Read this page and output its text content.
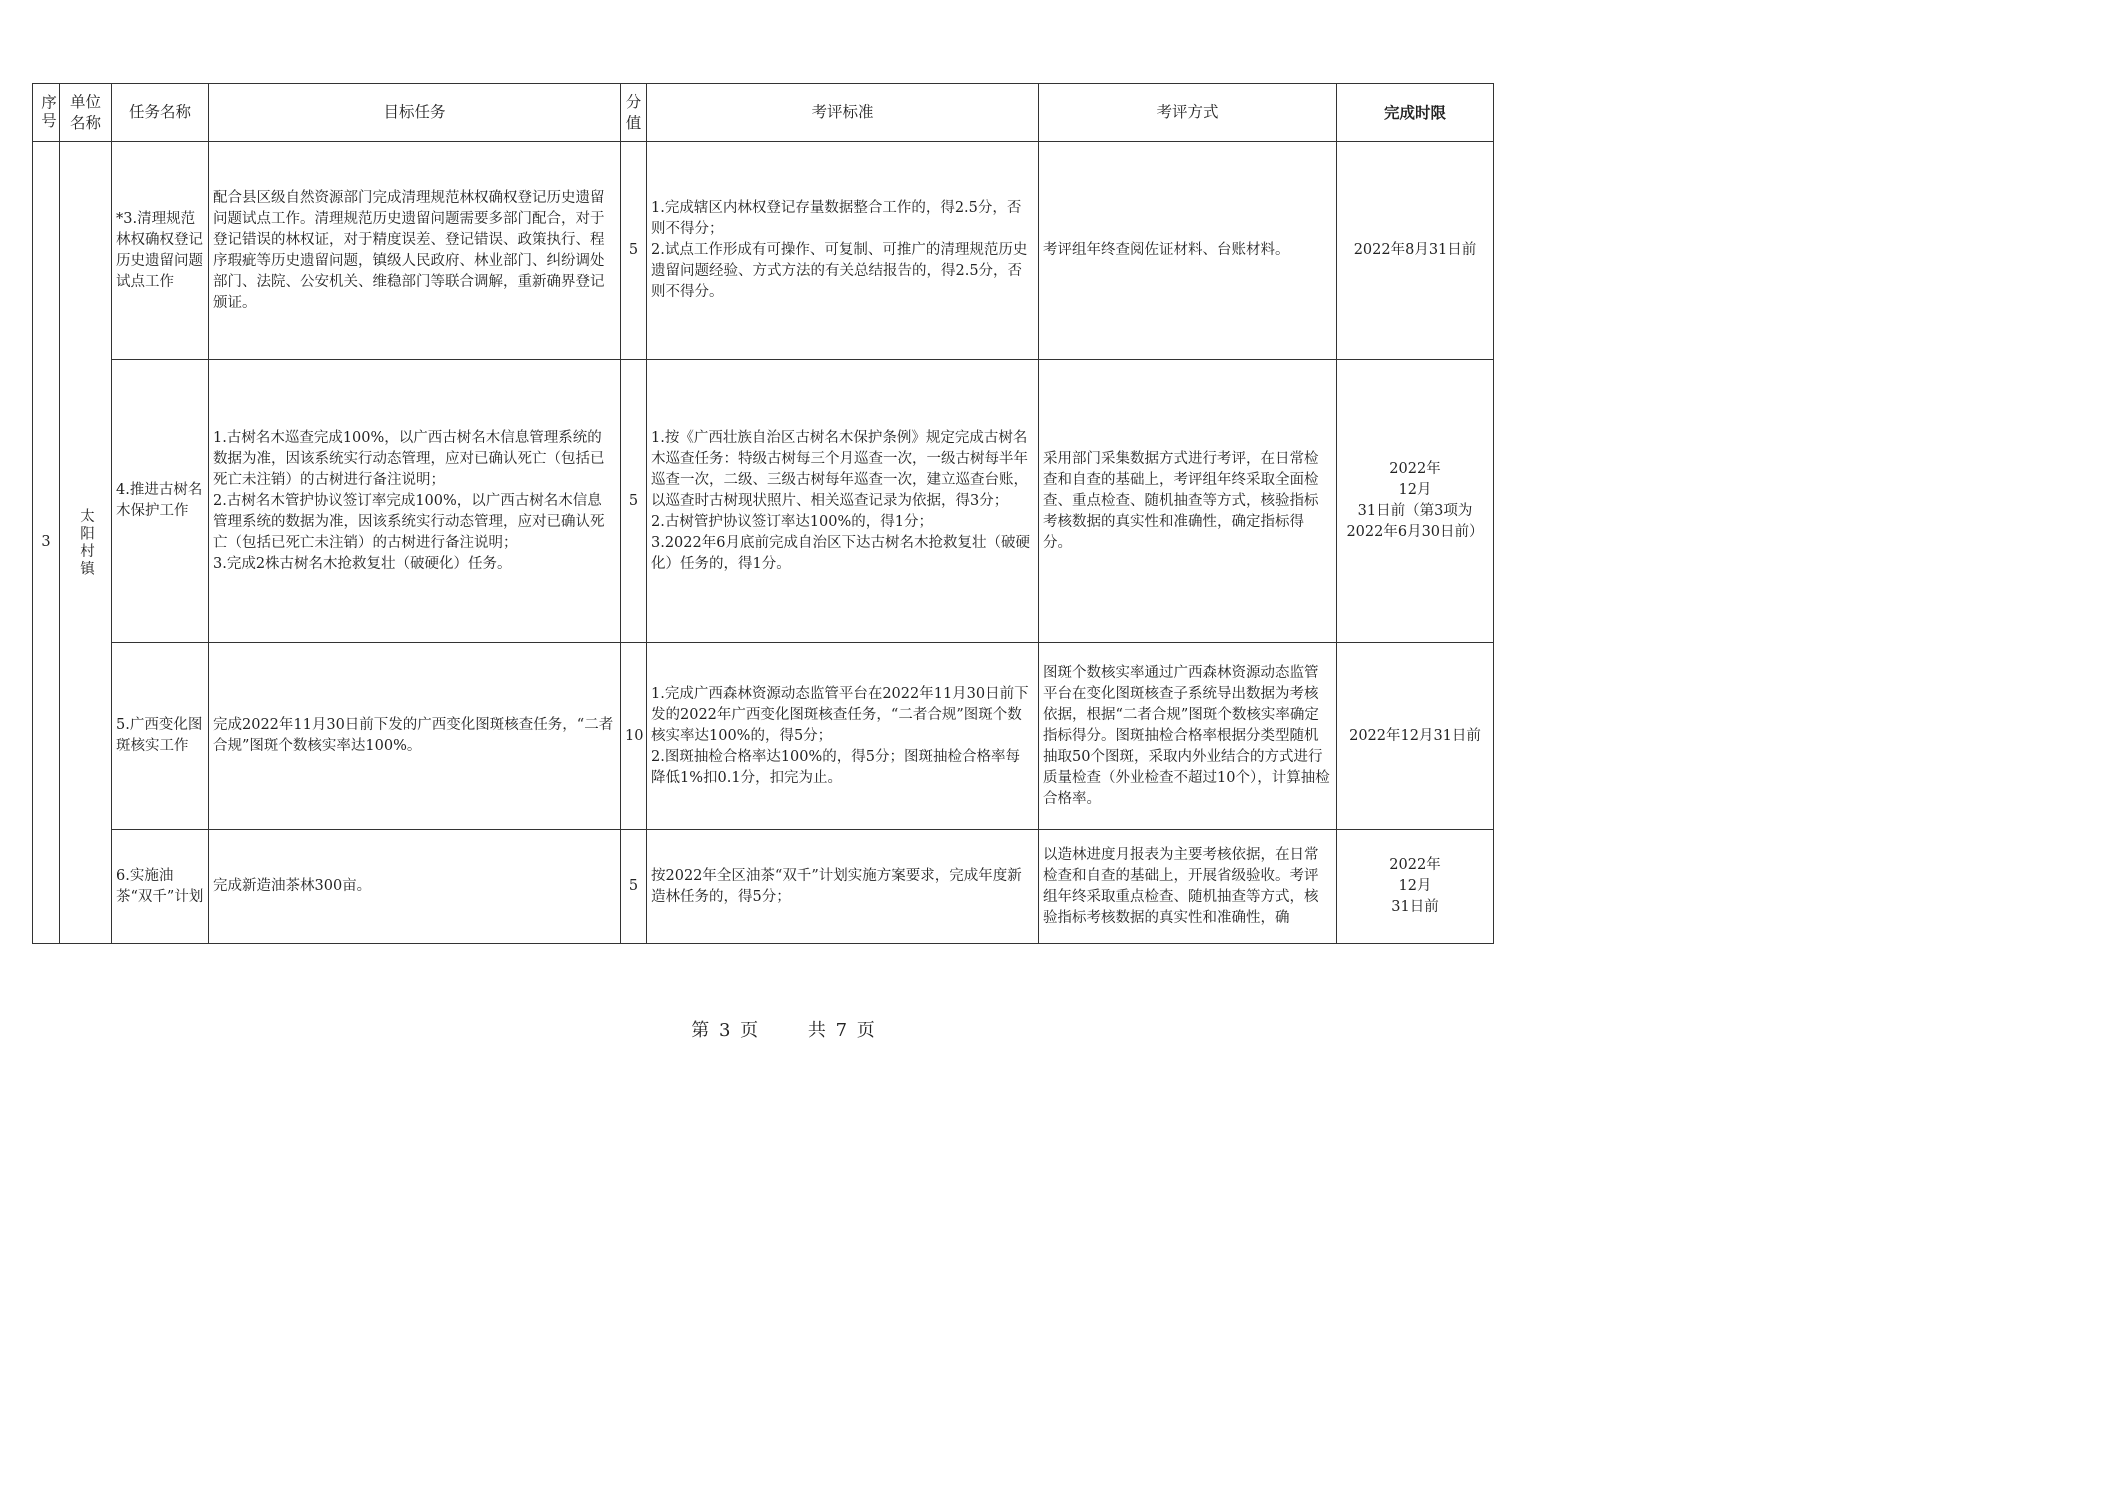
序号	单位名称	任务名称	目标任务	分值	考评标准	考评方式	完成时限
3	太阳村镇	*3.清理规范林权确权登记历史遗留问题试点工作	配合县区级自然资源部门完成清理规范林权确权登记历史遗留问题试点工作。清理规范历史遗留问题需要多部门配合，对于登记错误的林权证，对于精度误差、登记错误、政策执行、程序瑕疵等历史遗留问题，镇级人民政府、林业部门、纠纷调处部门、法院、公安机关、维稳部门等联合调解，重新确界登记颁证。	5	1.完成辖区内林权登记存量数据整合工作的，得2.5分，否则不得分；
2.试点工作形成有可操作、可复制、可推广的清理规范历史遗留问题经验、方式方法的有关总结报告的，得2.5分，否则不得分。	考评组年终查阅佐证材料、台账材料。	2022年8月31日前
		4.推进古树名木保护工作	1.古树名木巡查完成100%，以广西古树名木信息管理系统的数据为准，因该系统实行动态管理，应对已确认死亡（包括已死亡未注销）的古树进行备注说明；
2.古树名木管护协议签订率完成100%，以广西古树名木信息管理系统的数据为准，因该系统实行动态管理，应对已确认死亡（包括已死亡未注销）的古树进行备注说明；
3.完成2株古树名木抢救复壮（破硬化）任务。	5	1.按《广西壮族自治区古树名木保护条例》规定完成古树名木巡查任务：特级古树每三个月巡查一次，一级古树每半年巡查一次，二级、三级古树每年巡查一次，建立巡查台账，以巡查时古树现状照片、相关巡查记录为依据，得3分；
2.古树管护协议签订率达100%的，得1分；
3.2022年6月底前完成自治区下达古树名木抢救复壮（破硬化）任务的，得1分。	采用部门采集数据方式进行考评，在日常检查和自查的基础上，考评组年终采取全面检查、重点检查、随机抽查等方式，核验指标考核数据的真实性和准确性，确定指标得分。	2022年
12月
31日前（第3项为2022年6月30日前）
		5.广西变化图斑核实工作	完成2022年11月30日前下发的广西变化图斑核查任务，“二者合规”图斑个数核实率达100%。	10	1.完成广西森林资源动态监管平台在2022年11月30日前下发的2022年广西变化图斑核查任务，“二者合规”图斑个数核实率达100%的，得5分；
2.图斑抽检合格率达100%的，得5分；图斑抽检合格率每降低1%扣0.1分，扣完为止。	图斑个数核实率通过广西森林资源动态监管平台在变化图斑核查子系统导出数据为考核依据，根据“二者合规”图斑个数核实率确定指标得分。图斑抽检合格率根据分类型随机抽取50个图斑，采取内外业结合的方式进行质量检查（外业检查不超过10个），计算抽检合格率。	2022年12月31日前
		6.实施油茶“双千”计划	完成新造油茶林300亩。	5	按2022年全区油茶“双千”计划实施方案要求，完成年度新造林任务的，得5分；	以造林进度月报表为主要考核依据，在日常检查和自查的基础上，开展省级验收。考评组年终采取重点检查、随机抽查等方式，核验指标考核数据的真实性和准确性，确	2022年
12月
31日前
第 3 页	共 7 页
